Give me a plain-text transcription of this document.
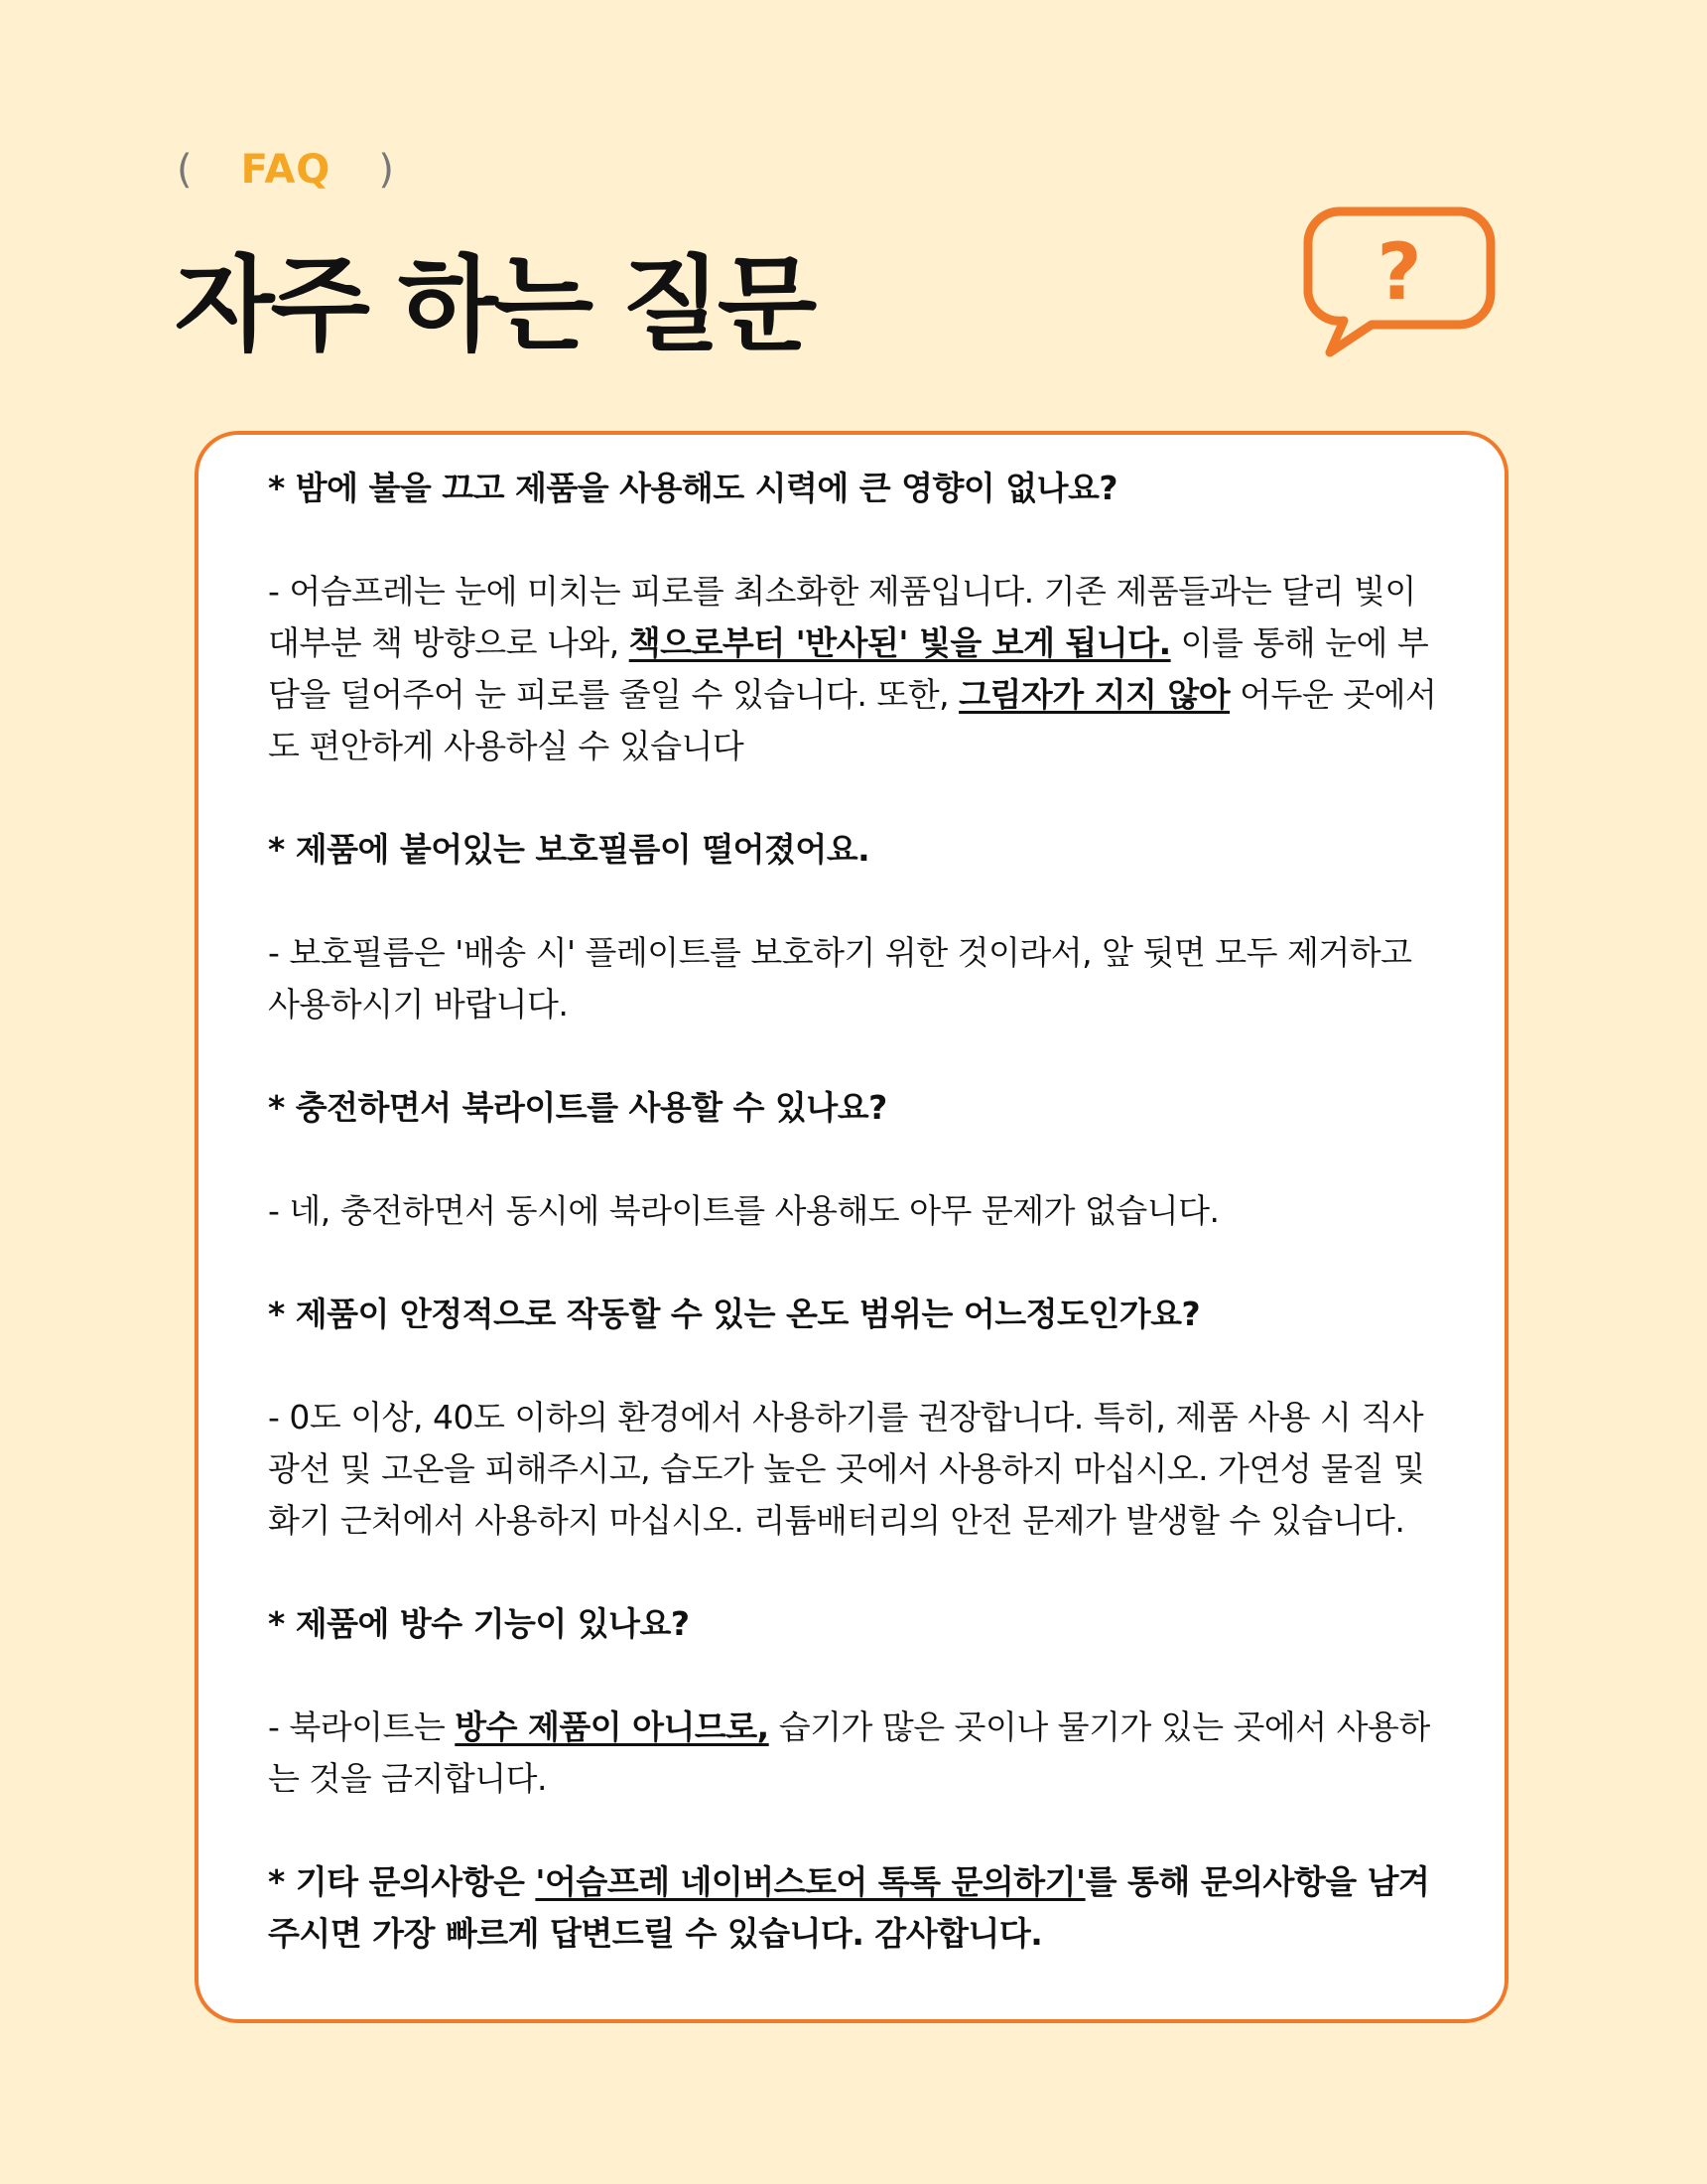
( FAQ )
자주 하는 질문	?

* 밤에 불을 끄고 제품을 사용해도 시력에 큰 영향이 없나요?

- 어슴프레는 눈에 미치는 피로를 최소화한 제품입니다. 기존 제품들과는 달리 빛이 대부분 책 방향으로 나와, 책으로부터 '반사된' 빛을 보게 됩니다. 이를 통해 눈에 부담을 덜어주어 눈 피로를 줄일 수 있습니다. 또한, 그림자가 지지 않아 어두운 곳에서도 편안하게 사용하실 수 있습니다

* 제품에 붙어있는 보호필름이 떨어졌어요.

- 보호필름은 '배송 시' 플레이트를 보호하기 위한 것이라서, 앞 뒷면 모두 제거하고 사용하시기 바랍니다.

* 충전하면서 북라이트를 사용할 수 있나요?

- 네, 충전하면서 동시에 북라이트를 사용해도 아무 문제가 없습니다.

* 제품이 안정적으로 작동할 수 있는 온도 범위는 어느정도인가요?

- 0도 이상, 40도 이하의 환경에서 사용하기를 권장합니다. 특히, 제품 사용 시 직사 광선 및 고온을 피해주시고, 습도가 높은 곳에서 사용하지 마십시오. 가연성 물질 및 화기 근처에서 사용하지 마십시오. 리튬배터리의 안전 문제가 발생할 수 있습니다.

* 제품에 방수 기능이 있나요?

- 북라이트는 방수 제품이 아니므로, 습기가 많은 곳이나 물기가 있는 곳에서 사용하는 것을 금지합니다.

* 기타 문의사항은 '어슴프레 네이버스토어 톡톡 문의하기'를 통해 문의사항을 남겨주시면 가장 빠르게 답변드릴 수 있습니다. 감사합니다.
